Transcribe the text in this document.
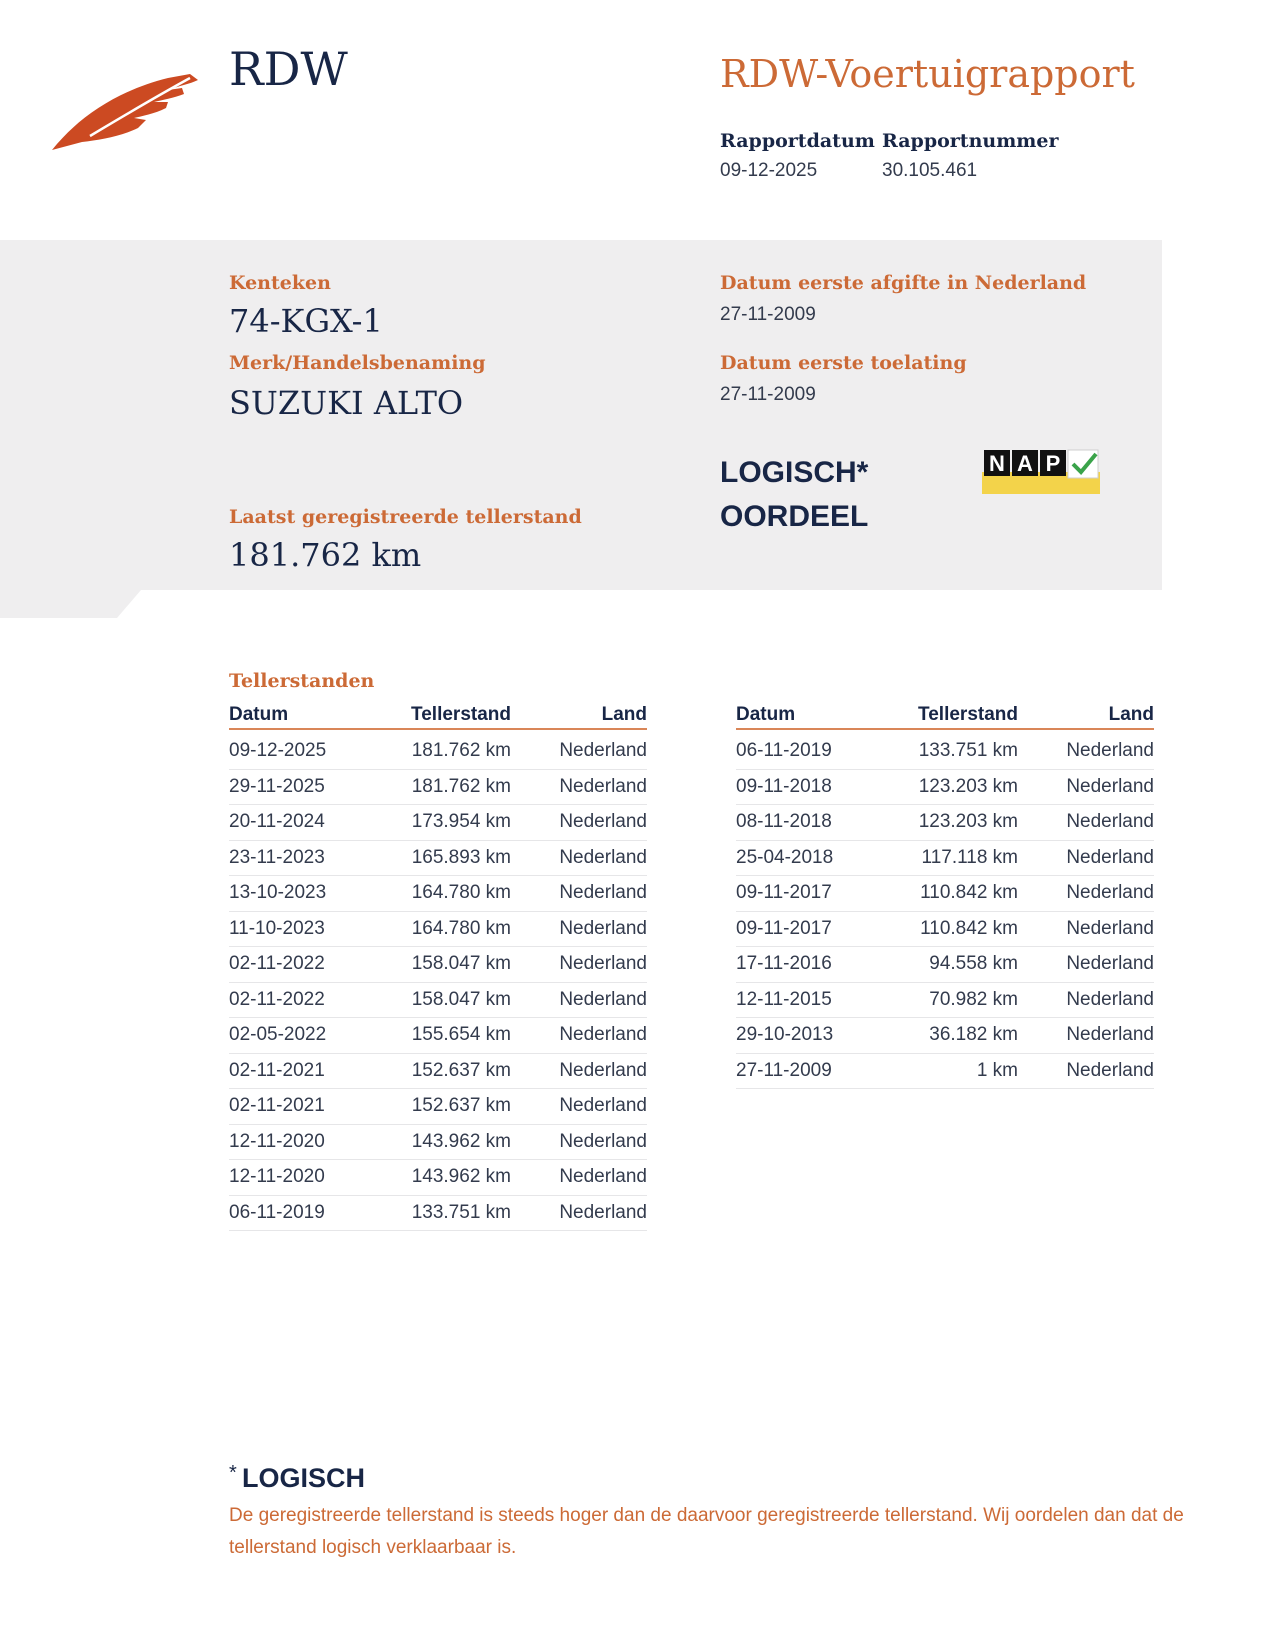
RDW	RDW-Voertuigrapport
Rapportdatum
09-12-2025
Rapportnummer
30.105.461
Kenteken
74-KGX-1
Merk/Handelsbenaming
SUZUKI ALTO
Datum eerste afgifte in Nederland
27-11-2009
Datum eerste toelating
27-11-2009
LOGISCH*
OORDEEL
N A P
Laatst geregistreerde tellerstand
181.762 km
Tellerstanden
Datum	Tellerstand	Land
09-12-2025	181.762 km	Nederland
29-11-2025	181.762 km	Nederland
20-11-2024	173.954 km	Nederland
23-11-2023	165.893 km	Nederland
13-10-2023	164.780 km	Nederland
11-10-2023	164.780 km	Nederland
02-11-2022	158.047 km	Nederland
02-11-2022	158.047 km	Nederland
02-05-2022	155.654 km	Nederland
02-11-2021	152.637 km	Nederland
02-11-2021	152.637 km	Nederland
12-11-2020	143.962 km	Nederland
12-11-2020	143.962 km	Nederland
06-11-2019	133.751 km	Nederland
Datum	Tellerstand	Land
06-11-2019	133.751 km	Nederland
09-11-2018	123.203 km	Nederland
08-11-2018	123.203 km	Nederland
25-04-2018	117.118 km	Nederland
09-11-2017	110.842 km	Nederland
09-11-2017	110.842 km	Nederland
17-11-2016	94.558 km	Nederland
12-11-2015	70.982 km	Nederland
29-10-2013	36.182 km	Nederland
27-11-2009	1 km	Nederland
* LOGISCH
De geregistreerde tellerstand is steeds hoger dan de daarvoor geregistreerde tellerstand. Wij oordelen dan dat de tellerstand logisch verklaarbaar is.
